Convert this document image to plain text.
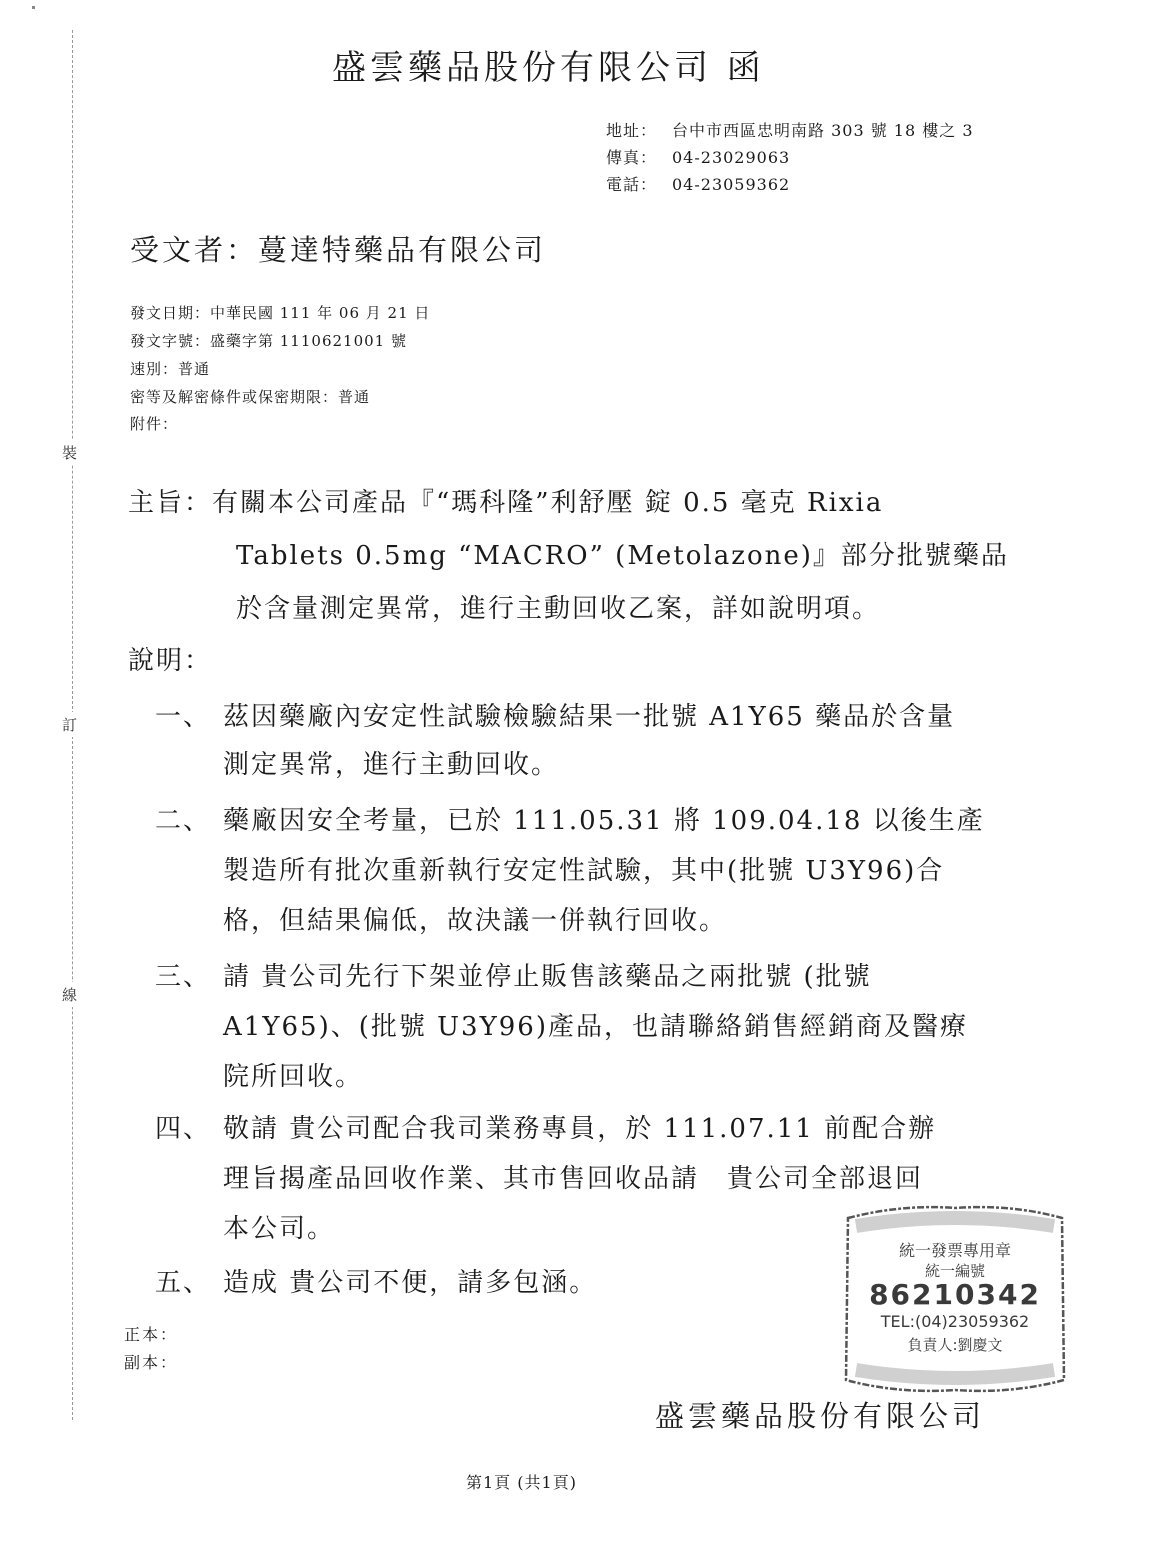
裝
訂
線
盛雲藥品股份有限公司 函
地址： 台中市西區忠明南路 303 號 18 樓之 3
傳真： 04-23029063
電話： 04-23059362
受文者：蔓達特藥品有限公司
發文日期：中華民國 111 年 06 月 21 日
發文字號：盛藥字第 1110621001 號
速別：普通
密等及解密條件或保密期限：普通
附件：
主旨：有關本公司產品『“瑪科隆”利舒壓 錠 0.5 毫克 Rixia
Tablets 0.5mg “MACRO” (Metolazone)』部分批號藥品
於含量測定異常，進行主動回收乙案，詳如說明項。
說明：
一、 茲因藥廠內安定性試驗檢驗結果一批號 A1Y65 藥品於含量
測定異常，進行主動回收。
二、 藥廠因安全考量，已於 111.05.31 將 109.04.18 以後生產
製造所有批次重新執行安定性試驗，其中(批號 U3Y96)合
格，但結果偏低，故決議一併執行回收。
三、 請 貴公司先行下架並停止販售該藥品之兩批號 (批號
A1Y65)、(批號 U3Y96)產品，也請聯絡銷售經銷商及醫療
院所回收。
四、 敬請 貴公司配合我司業務專員，於 111.07.11 前配合辦
理旨揭產品回收作業、其市售回收品請　貴公司全部退回
本公司。
五、 造成 貴公司不便，請多包涵。
正本：
副本：
統一發票專用章
統一編號
86210342
TEL:(04)23059362
負責人:劉慶文
盛雲藥品股份有限公司
第1頁 (共1頁)
